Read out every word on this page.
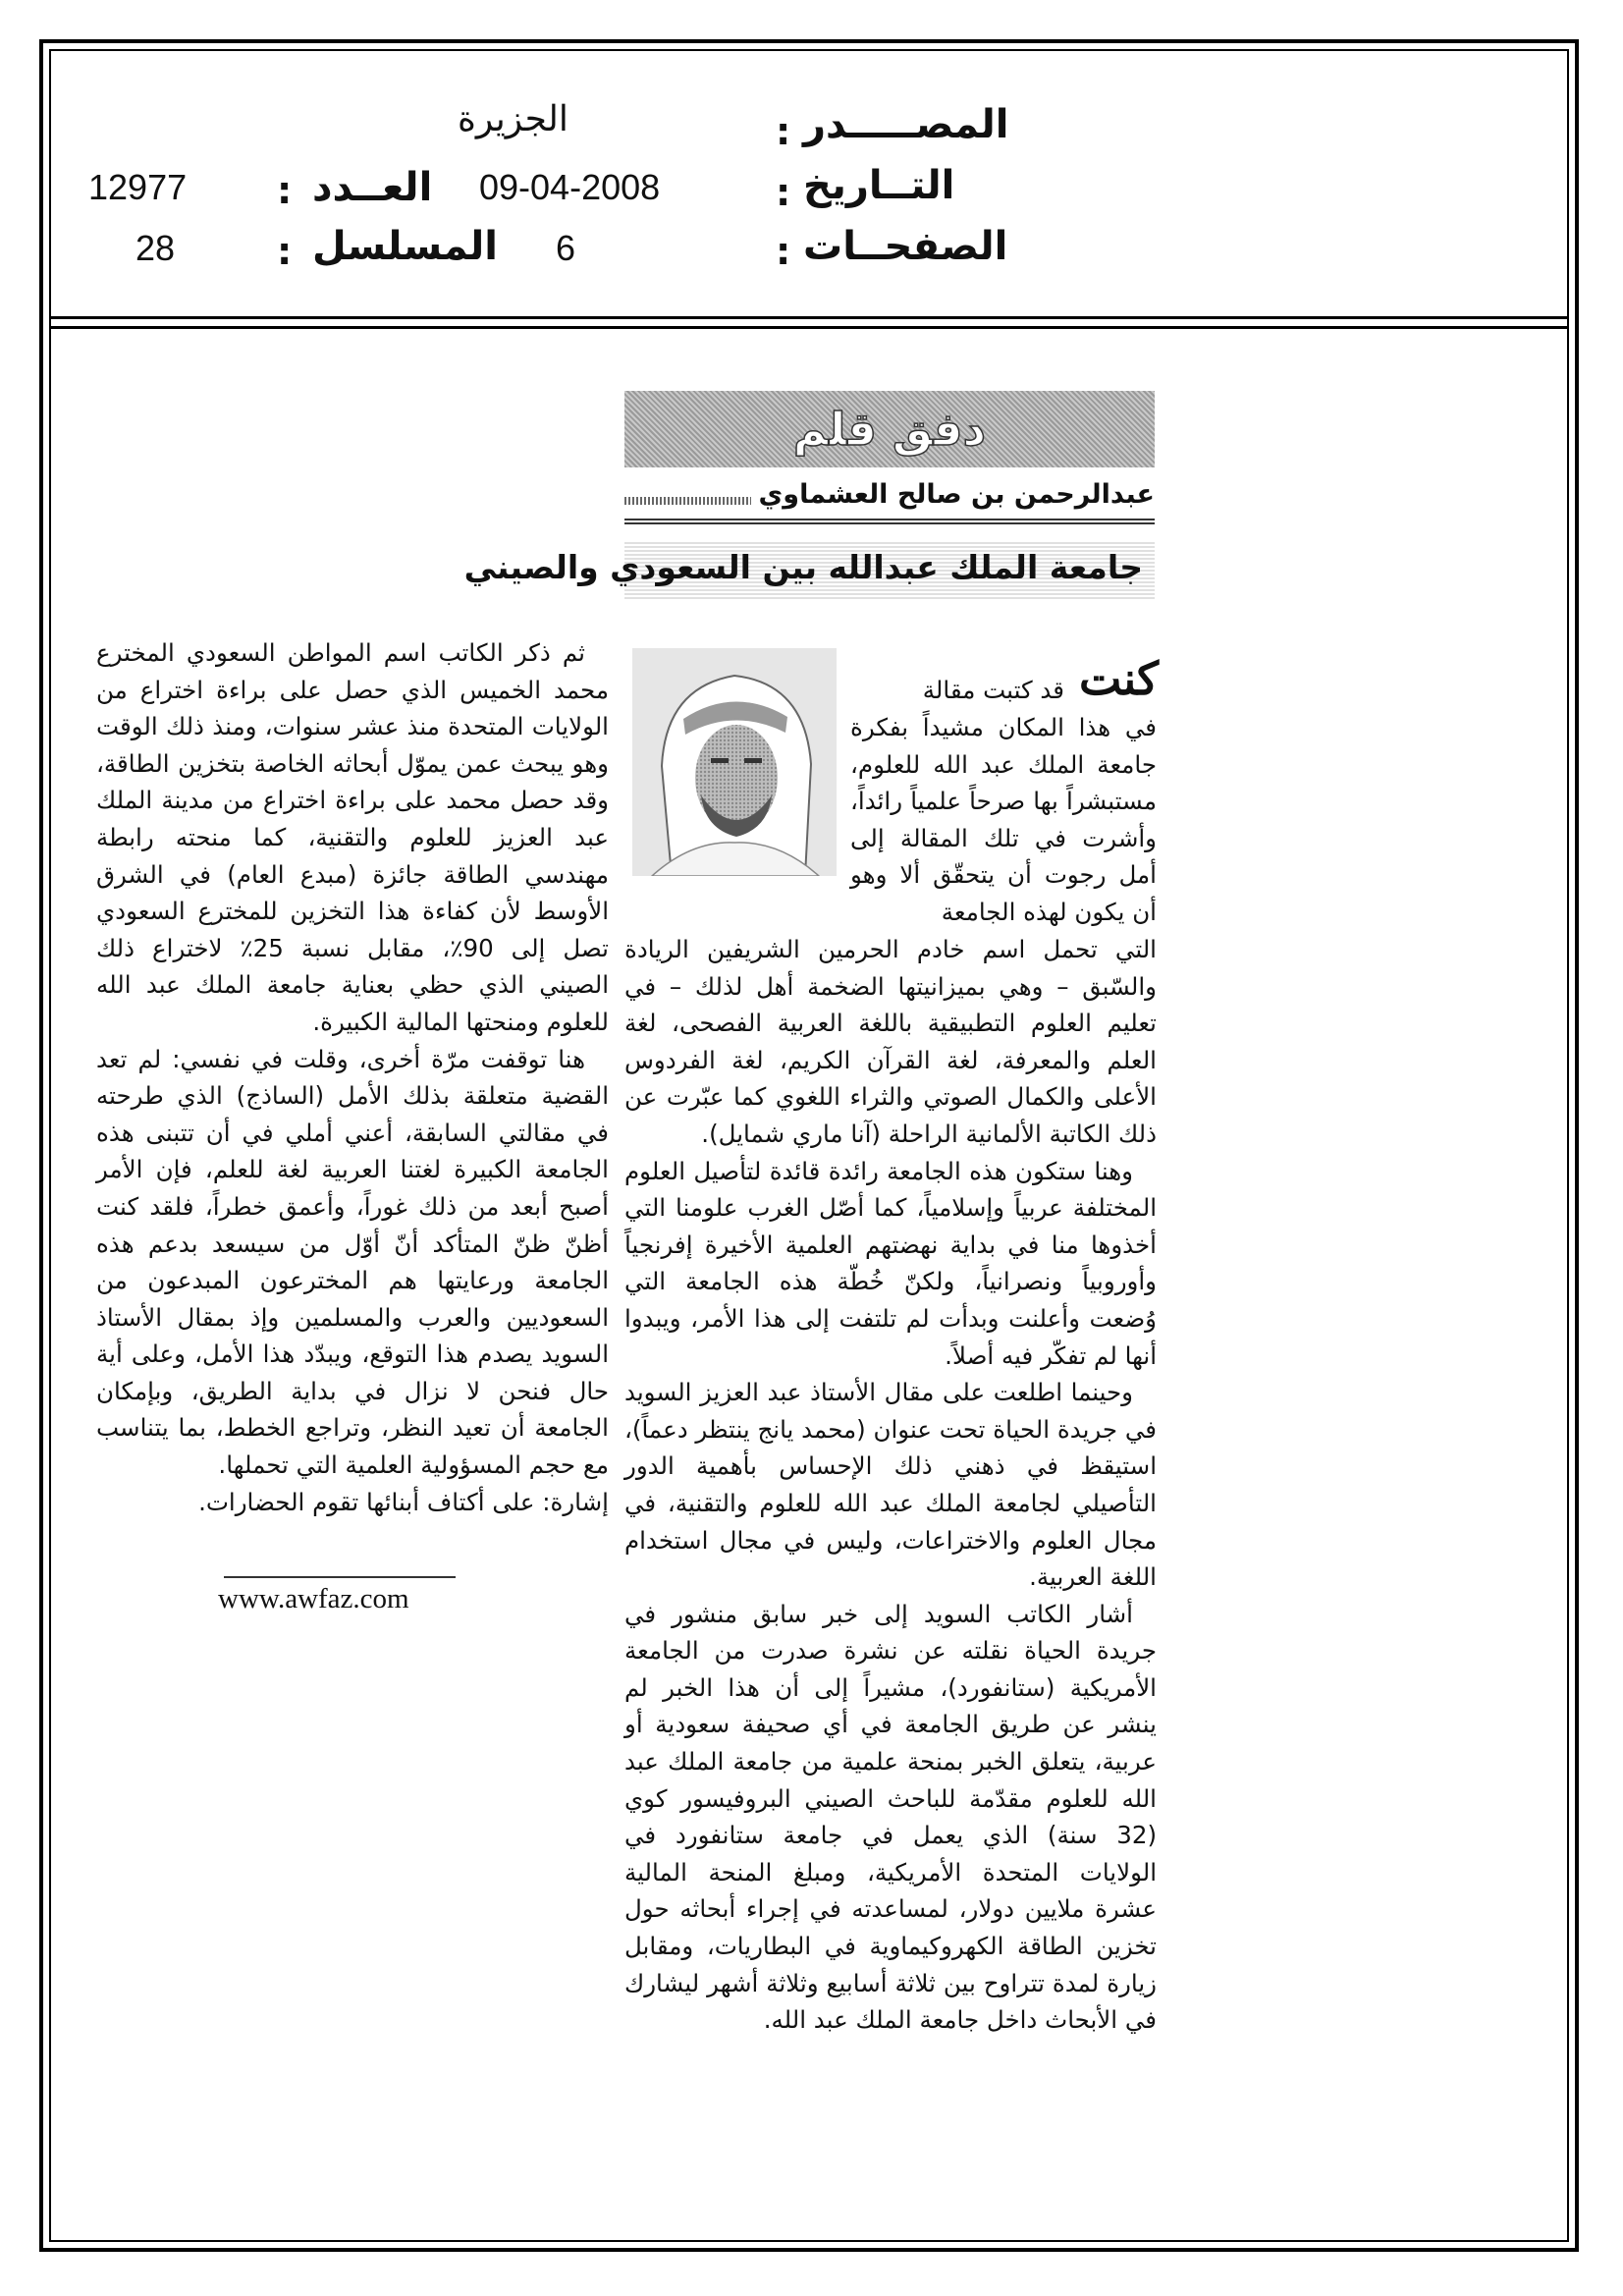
الجزيرة	: المصـــــدر
12977 : العــدد 09-04-2008	: التــاريخ
28	: المسلسل 6	: الصفحــات
دفق قلم
عبدالرحمن بن صالح العشماوي
جامعة الملك عبدالله بين السعودي والصيني
كنت

قد كتبت مقالة

في هذا المكان مشيداً بفكرة جامعة الملك عبد الله للعلوم، مستبشراً بها صرحاً علمياً رائداً، وأشرت في تلك المقالة إلى أمل رجوت أن يتحقّق ألا وهو أن يكون لهذه الجامعة

التي تحمل اسم خادم الحرمين الشريفين الريادة والسّبق – وهي بميزانيتها الضخمة أهل لذلك – في تعليم العلوم التطبيقية باللغة العربية الفصحى، لغة العلم والمعرفة، لغة القرآن الكريم، لغة الفردوس الأعلى والكمال الصوتي والثراء اللغوي كما عبّرت عن ذلك الكاتبة الألمانية الراحلة (آنا ماري شمايل).

وهنا ستكون هذه الجامعة رائدة قائدة لتأصيل العلوم المختلفة عربياً وإسلامياً، كما أصّل الغرب علومنا التي أخذوها منا في بداية نهضتهم العلمية الأخيرة إفرنجياً وأوروبياً ونصرانياً، ولكنّ خُطّة هذه الجامعة التي وُضعت وأعلنت وبدأت لم تلتفت إلى هذا الأمر، ويبدوا أنها لم تفكّر فيه أصلاً.

وحينما اطلعت على مقال الأستاذ عبد العزيز السويد في جريدة الحياة تحت عنوان (محمد يانج ينتظر دعماً)، استيقظ في ذهني ذلك الإحساس بأهمية الدور التأصيلي لجامعة الملك عبد الله للعلوم والتقنية، في مجال العلوم والاختراعات، وليس في مجال استخدام اللغة العربية.

أشار الكاتب السويد إلى خبر سابق منشور في جريدة الحياة نقلته عن نشرة صدرت من الجامعة الأمريكية (ستانفورد)، مشيراً إلى أن هذا الخبر لم ينشر عن طريق الجامعة في أي صحيفة سعودية أو عربية، يتعلق الخبر بمنحة علمية من جامعة الملك عبد الله للعلوم مقدّمة للباحث الصيني البروفيسور كوي (32 سنة) الذي يعمل في جامعة ستانفورد في الولايات المتحدة الأمريكية، ومبلغ المنحة المالية عشرة ملايين دولار، لمساعدته في إجراء أبحاثه حول تخزين الطاقة الكهروكيماوية في البطاريات، ومقابل زيارة لمدة تتراوح بين ثلاثة أسابيع وثلاثة أشهر ليشارك في الأبحاث داخل جامعة الملك عبد الله.

ثم ذكر الكاتب اسم المواطن السعودي المخترع محمد الخميس الذي حصل على براءة اختراع من الولايات المتحدة منذ عشر سنوات، ومنذ ذلك الوقت وهو يبحث عمن يموّل أبحاثه الخاصة بتخزين الطاقة، وقد حصل محمد على براءة اختراع من مدينة الملك عبد العزيز للعلوم والتقنية، كما منحته رابطة مهندسي الطاقة جائزة (مبدع العام) في الشرق الأوسط لأن كفاءة هذا التخزين للمخترع السعودي تصل إلى 90٪، مقابل نسبة 25٪ لاختراع ذلك الصيني الذي حظي بعناية جامعة الملك عبد الله للعلوم ومنحتها المالية الكبيرة.

هنا توقفت مرّة أخرى، وقلت في نفسي: لم تعد القضية متعلقة بذلك الأمل (الساذج) الذي طرحته في مقالتي السابقة، أعني أملي في أن تتبنى هذه الجامعة الكبيرة لغتنا العربية لغة للعلم، فإن الأمر أصبح أبعد من ذلك غوراً، وأعمق خطراً، فلقد كنت أظنّ ظنّ المتأكد أنّ أوّل من سيسعد بدعم هذه الجامعة ورعايتها هم المخترعون المبدعون من السعوديين والعرب والمسلمين وإذ بمقال الأستاذ السويد يصدم هذا التوقع، ويبدّد هذا الأمل، وعلى أية حال فنحن لا نزال في بداية الطريق، وبإمكان الجامعة أن تعيد النظر، وتراجع الخطط، بما يتناسب مع حجم المسؤولية العلمية التي تحملها.

إشارة: على أكتاف أبنائها تقوم الحضارات.

www.awfaz.com
